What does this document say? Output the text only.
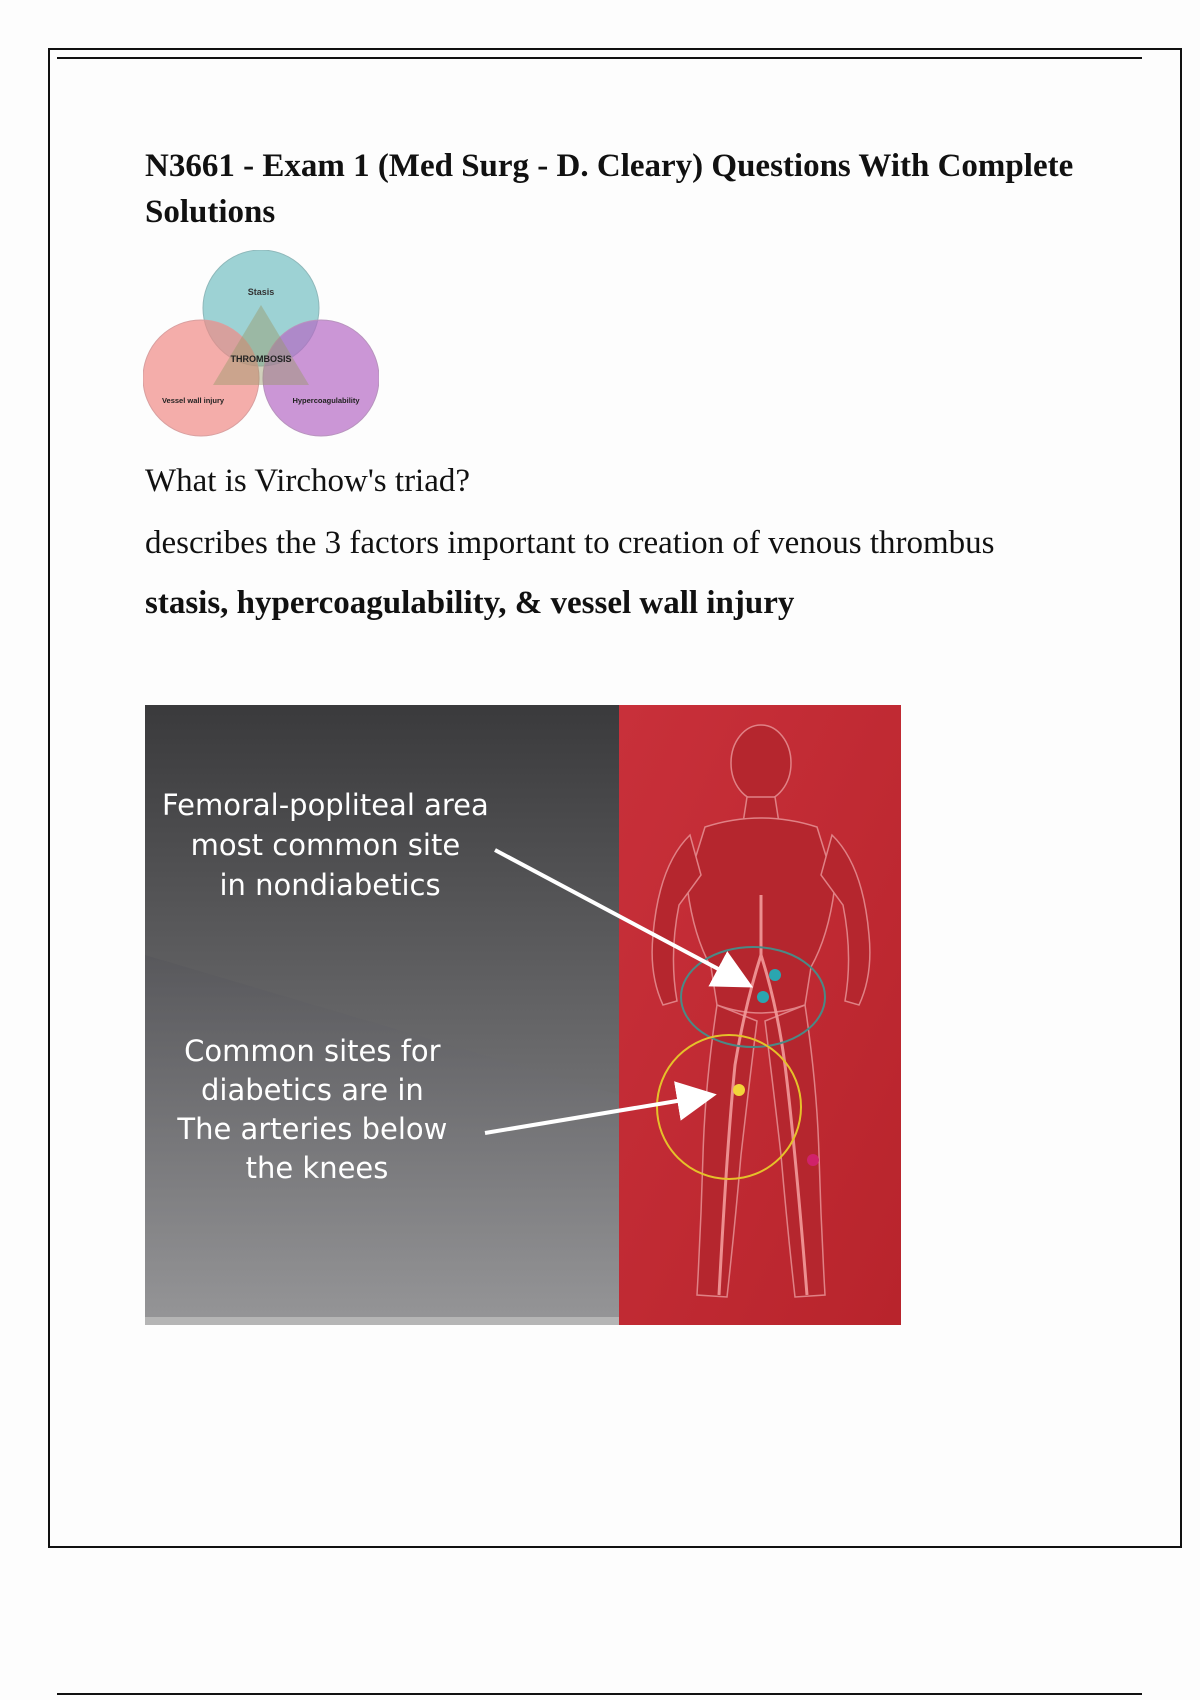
N3661 - Exam 1 (Med Surg - D. Cleary) Questions With Complete Solutions
Stasis
THROMBOSIS
Vessel wall injury	Hypercoagulability
What is Virchow's triad?
describes the 3 factors important to creation of venous thrombus
stasis, hypercoagulability, & vessel wall injury
Femoral-popliteal area most common site in nondiabetics
Common sites for diabetics are in The arteries below the knees
